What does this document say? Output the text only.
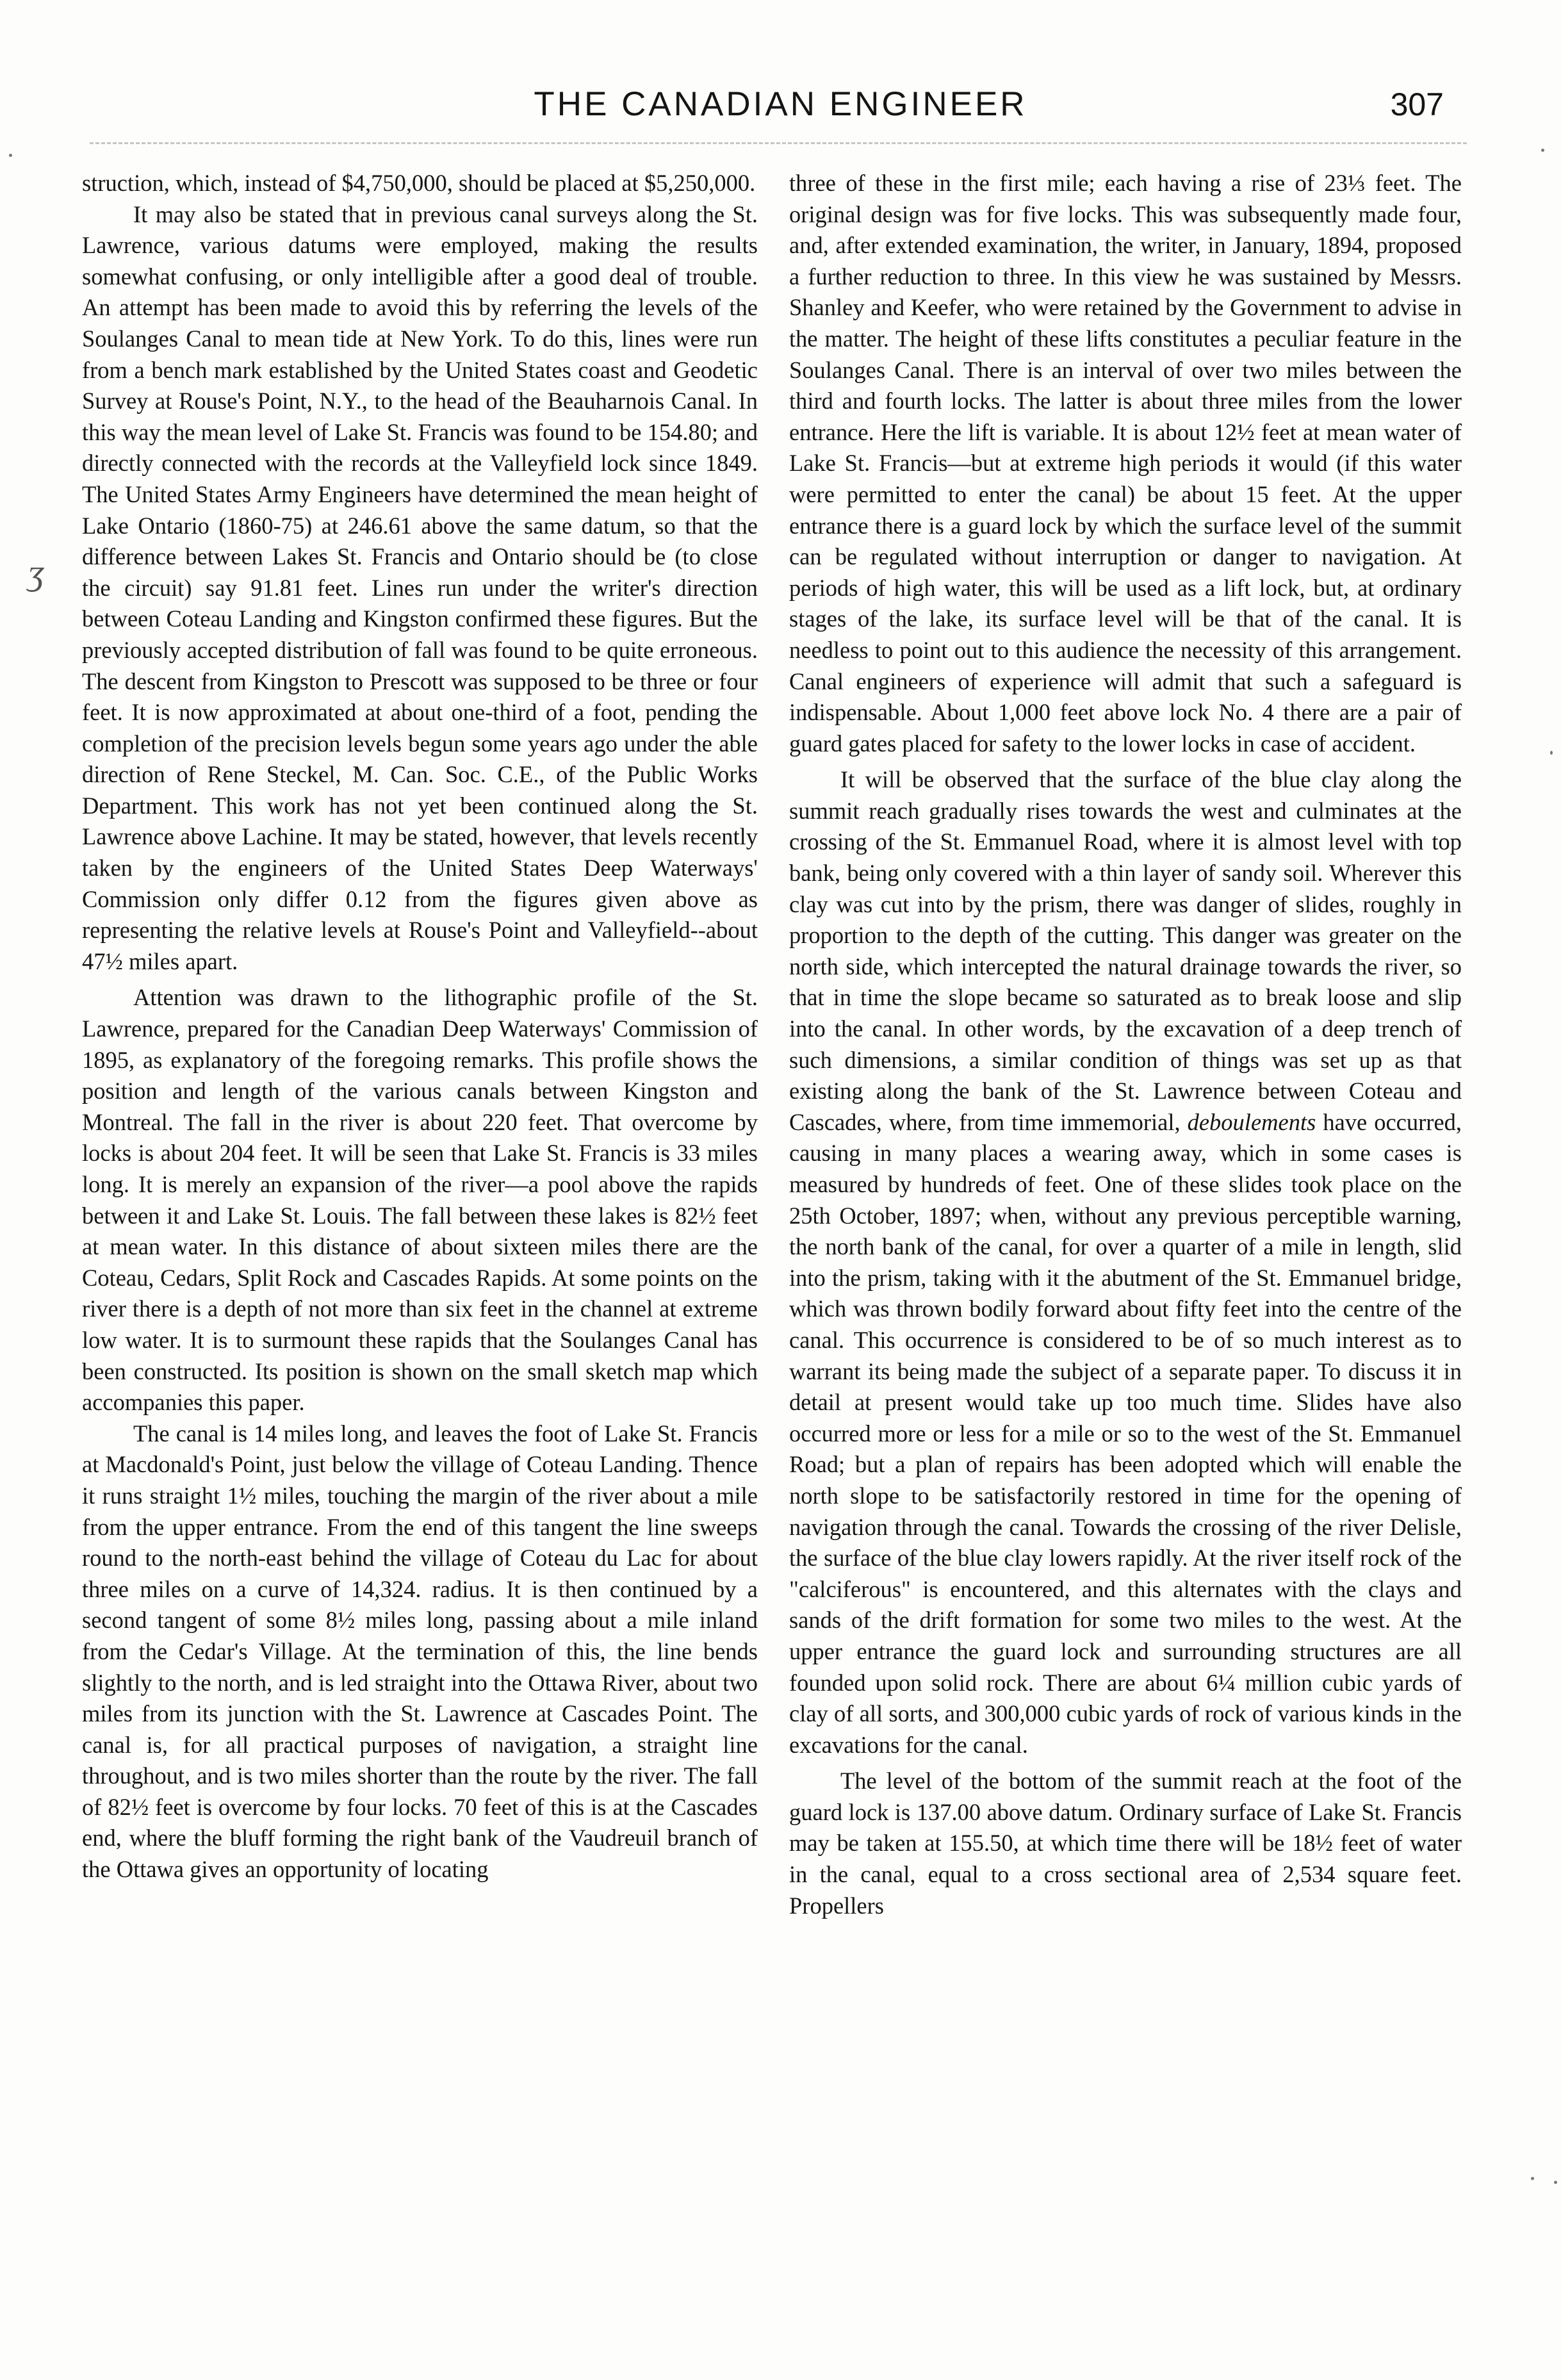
THE CANADIAN ENGINEER	307
ʒ

struction, which, instead of $4,750,000, should be placed at $5,250,000.

It may also be stated that in previous canal surveys along the St. Lawrence, various datums were employed, making the results somewhat confusing, or only intelligible after a good deal of trouble. An attempt has been made to avoid this by referring the levels of the Soulanges Canal to mean tide at New York. To do this, lines were run from a bench mark established by the United States coast and Geodetic Survey at Rouse's Point, N.Y., to the head of the Beauharnois Canal. In this way the mean level of Lake St. Francis was found to be 154.80; and directly connected with the records at the Valleyfield lock since 1849. The United States Army Engineers have determined the mean height of Lake Ontario (1860-75) at 246.61 above the same datum, so that the difference between Lakes St. Francis and Ontario should be (to close the circuit) say 91.81 feet. Lines run under the writer's direction between Coteau Landing and Kingston confirmed these figures. But the previously accepted distribution of fall was found to be quite erroneous. The descent from Kingston to Prescott was supposed to be three or four feet. It is now approximated at about one-third of a foot, pending the completion of the precision levels begun some years ago under the able direction of Rene Steckel, M. Can. Soc. C.E., of the Public Works Department. This work has not yet been continued along the St. Lawrence above Lachine. It may be stated, however, that levels recently taken by the engineers of the United States Deep Waterways' Commission only differ 0.12 from the figures given above as representing the relative levels at Rouse's Point and Valleyfield--about 47½ miles apart.

Attention was drawn to the lithographic profile of the St. Lawrence, prepared for the Canadian Deep Waterways' Commission of 1895, as explanatory of the foregoing remarks. This profile shows the position and length of the various canals between Kingston and Montreal. The fall in the river is about 220 feet. That overcome by locks is about 204 feet. It will be seen that Lake St. Francis is 33 miles long. It is merely an expansion of the river—a pool above the rapids between it and Lake St. Louis. The fall between these lakes is 82½ feet at mean water. In this distance of about sixteen miles there are the Coteau, Cedars, Split Rock and Cascades Rapids. At some points on the river there is a depth of not more than six feet in the channel at extreme low water. It is to surmount these rapids that the Soulanges Canal has been constructed. Its position is shown on the small sketch map which accompanies this paper.

The canal is 14 miles long, and leaves the foot of Lake St. Francis at Macdonald's Point, just below the village of Coteau Landing. Thence it runs straight 1½ miles, touching the margin of the river about a mile from the upper entrance. From the end of this tangent the line sweeps round to the north-east behind the village of Coteau du Lac for about three miles on a curve of 14,324. radius. It is then continued by a second tangent of some 8½ miles long, passing about a mile inland from the Cedar's Village. At the termination of this, the line bends slightly to the north, and is led straight into the Ottawa River, about two miles from its junction with the St. Lawrence at Cascades Point. The canal is, for all practical purposes of navigation, a straight line throughout, and is two miles shorter than the route by the river. The fall of 82½ feet is overcome by four locks. 70 feet of this is at the Cascades end, where the bluff forming the right bank of the Vaudreuil branch of the Ottawa gives an opportunity of locating

three of these in the first mile; each having a rise of 23⅓ feet. The original design was for five locks. This was subsequently made four, and, after extended examination, the writer, in January, 1894, proposed a further reduction to three. In this view he was sustained by Messrs. Shanley and Keefer, who were retained by the Government to advise in the matter. The height of these lifts constitutes a peculiar feature in the Soulanges Canal. There is an interval of over two miles between the third and fourth locks. The latter is about three miles from the lower entrance. Here the lift is variable. It is about 12½ feet at mean water of Lake St. Francis—but at extreme high periods it would (if this water were permitted to enter the canal) be about 15 feet. At the upper entrance there is a guard lock by which the surface level of the summit can be regulated without interruption or danger to navigation. At periods of high water, this will be used as a lift lock, but, at ordinary stages of the lake, its surface level will be that of the canal. It is needless to point out to this audience the necessity of this arrangement. Canal engineers of experience will admit that such a safeguard is indispensable. About 1,000 feet above lock No. 4 there are a pair of guard gates placed for safety to the lower locks in case of accident.

It will be observed that the surface of the blue clay along the summit reach gradually rises towards the west and culminates at the crossing of the St. Emmanuel Road, where it is almost level with top bank, being only covered with a thin layer of sandy soil. Wherever this clay was cut into by the prism, there was danger of slides, roughly in proportion to the depth of the cutting. This danger was greater on the north side, which intercepted the natural drainage towards the river, so that in time the slope became so saturated as to break loose and slip into the canal. In other words, by the excavation of a deep trench of such dimensions, a similar condition of things was set up as that existing along the bank of the St. Lawrence between Coteau and Cascades, where, from time immemorial, deboulements have occurred, causing in many places a wearing away, which in some cases is measured by hundreds of feet. One of these slides took place on the 25th October, 1897; when, without any previous perceptible warning, the north bank of the canal, for over a quarter of a mile in length, slid into the prism, taking with it the abutment of the St. Emmanuel bridge, which was thrown bodily forward about fifty feet into the centre of the canal. This occurrence is considered to be of so much interest as to warrant its being made the subject of a separate paper. To discuss it in detail at present would take up too much time. Slides have also occurred more or less for a mile or so to the west of the St. Emmanuel Road; but a plan of repairs has been adopted which will enable the north slope to be satisfactorily restored in time for the opening of navigation through the canal. Towards the crossing of the river Delisle, the surface of the blue clay lowers rapidly. At the river itself rock of the "calciferous" is encountered, and this alternates with the clays and sands of the drift formation for some two miles to the west. At the upper entrance the guard lock and surrounding structures are all founded upon solid rock. There are about 6¼ million cubic yards of clay of all sorts, and 300,000 cubic yards of rock of various kinds in the excavations for the canal.

The level of the bottom of the summit reach at the foot of the guard lock is 137.00 above datum. Ordinary surface of Lake St. Francis may be taken at 155.50, at which time there will be 18½ feet of water in the canal, equal to a cross sectional area of 2,534 square feet. Propellers
